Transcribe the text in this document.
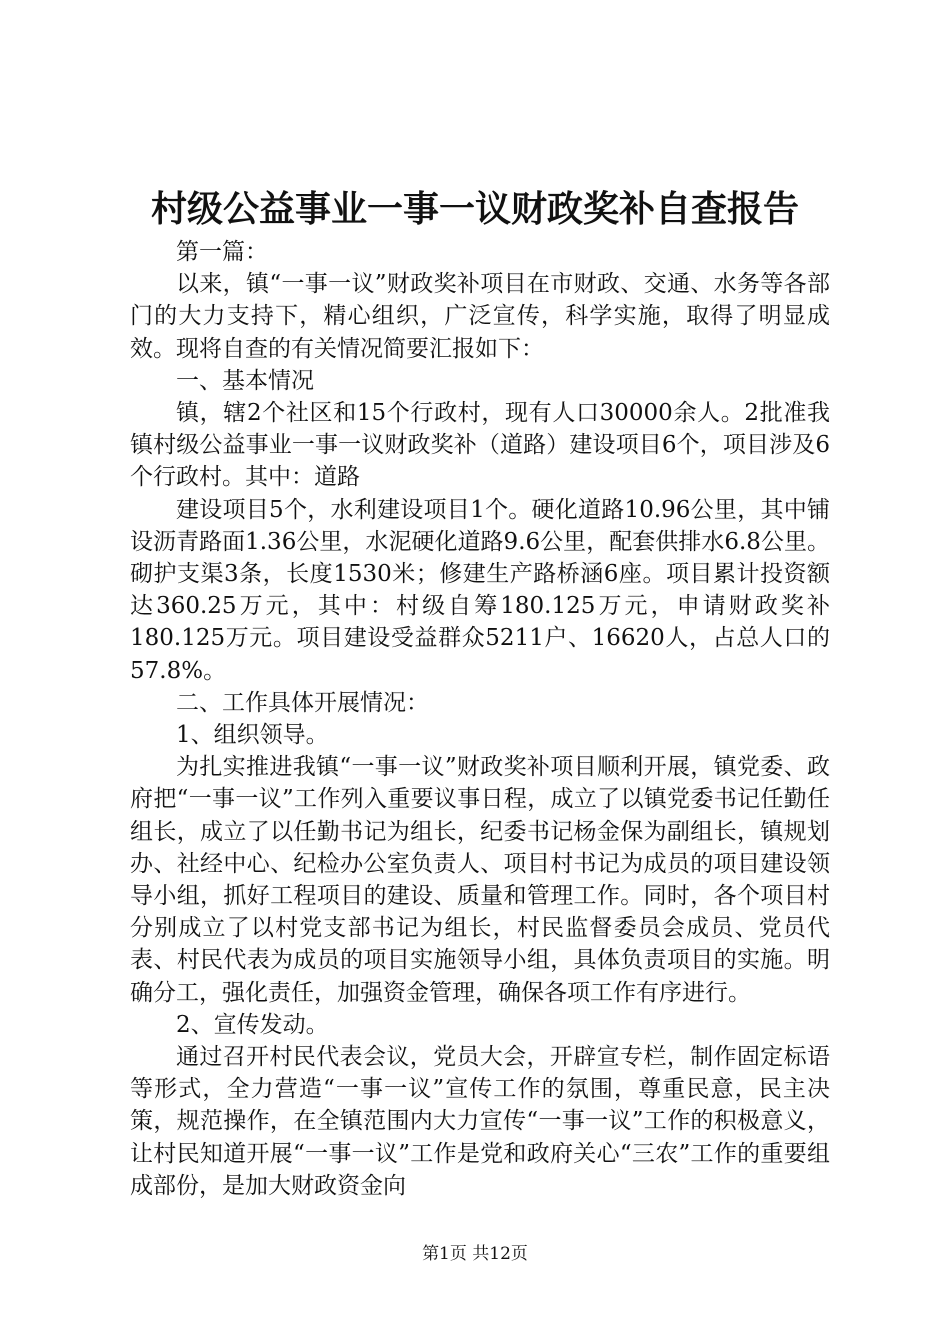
村级公益事业一事一议财政奖补自查报告

第一篇：

以来，镇“一事一议”财政奖补项目在市财政、交通、水务等各部门的大力支持下，精心组织，广泛宣传，科学实施，取得了明显成效。现将自查的有关情况简要汇报如下：

一、基本情况

镇，辖2个社区和15个行政村，现有人口30000余人。2批准我镇村级公益事业一事一议财政奖补（道路）建设项目6个，项目涉及6个行政村。其中：道路

建设项目5个，水利建设项目1个。硬化道路10.96公里，其中铺设沥青路面1.36公里，水泥硬化道路9.6公里，配套供排水6.8公里。砌护支渠3条，长度1530米；修建生产路桥涵6座。项目累计投资额达360.25万元，其中：村级自筹180.125万元，申请财政奖补180.125万元。项目建设受益群众5211户、16620人，占总人口的57.8%。

二、工作具体开展情况：

1、组织领导。

为扎实推进我镇“一事一议”财政奖补项目顺利开展，镇党委、政府把“一事一议”工作列入重要议事日程，成立了以镇党委书记任勤任组长，成立了以任勤书记为组长，纪委书记杨金保为副组长，镇规划办、社经中心、纪检办公室负责人、项目村书记为成员的项目建设领导小组，抓好工程项目的建设、质量和管理工作。同时，各个项目村分别成立了以村党支部书记为组长，村民监督委员会成员、党员代表、村民代表为成员的项目实施领导小组，具体负责项目的实施。明确分工，强化责任，加强资金管理，确保各项工作有序进行。

2、宣传发动。

通过召开村民代表会议，党员大会，开辟宣专栏，制作固定标语等形式，全力营造“一事一议”宣传工作的氛围，尊重民意，民主决策，规范操作，在全镇范围内大力宣传“一事一议”工作的积极意义，让村民知道开展“一事一议”工作是党和政府关心“三农”工作的重要组成部份，是加大财政资金向

第1页 共12页
